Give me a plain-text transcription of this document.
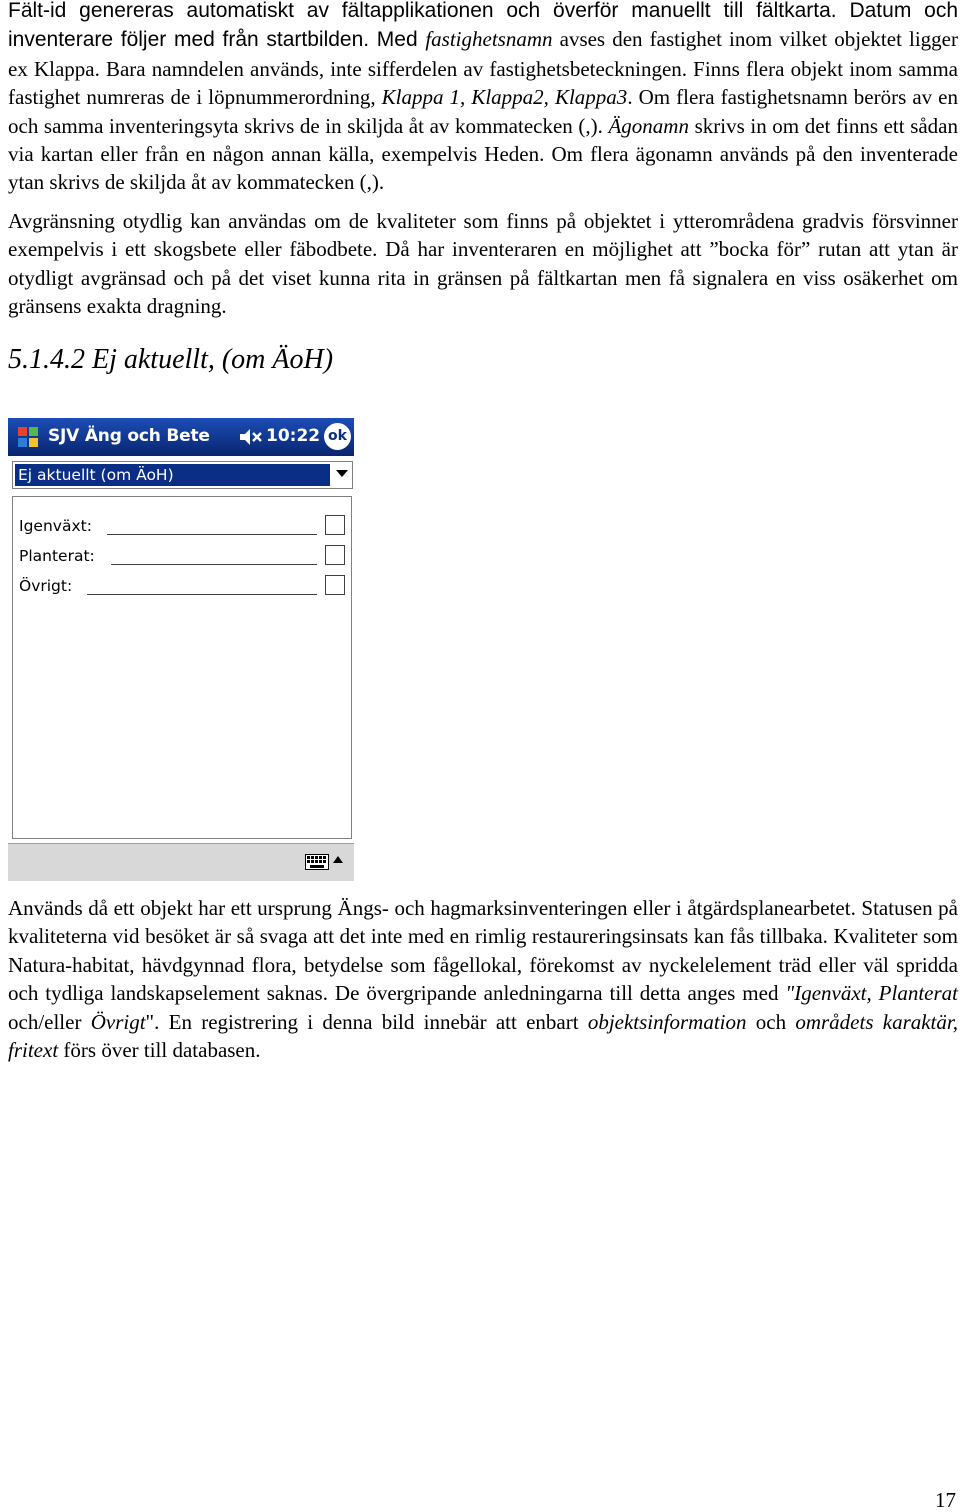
Fält-id genereras automatiskt av fältapplikationen och överför manuellt till fältkarta. Datum och inventerare följer med från startbilden. Med fastighetsnamn avses den fastighet inom vilket objektet ligger ex Klappa. Bara namndelen används, inte sifferdelen av fastighetsbeteckningen. Finns flera objekt inom samma fastighet numreras de i löpnummerordning, Klappa 1, Klappa2, Klappa3. Om flera fastighetsnamn berörs av en och samma inventeringsyta skrivs de in skiljda åt av kommatecken (,). Ägonamn skrivs in om det finns ett sådan via kartan eller från en någon annan källa, exempelvis Heden. Om flera ägonamn används på den inventerade ytan skrivs de skiljda åt av kommatecken (,).

Avgränsning otydlig kan användas om de kvaliteter som finns på objektet i ytterområdena gradvis försvinner exempelvis i ett skogsbete eller fäbodbete. Då har inventeraren en möjlighet att ”bocka för” rutan att ytan är otydligt avgränsad och på det viset kunna rita in gränsen på fältkartan men få signalera en viss osäkerhet om gränsens exakta dragning.

5.1.4.2 Ej aktuellt, (om ÄoH)
SJV Äng och Bete	10:22 ok
Ej aktuellt (om ÄoH)
Igenväxt:
Planterat:
Övrigt:

Används då ett objekt har ett ursprung Ängs- och hagmarksinventeringen eller i åtgärdsplanearbetet. Statusen på kvaliteterna vid besöket är så svaga att det inte med en rimlig restaureringsinsats kan fås tillbaka. Kvaliteter som Natura-habitat, hävdgynnad flora, betydelse som fågellokal, förekomst av nyckelelement träd eller väl spridda och tydliga landskapselement saknas. De övergripande anledningarna till detta anges med "Igenväxt, Planterat och/eller Övrigt". En registrering i denna bild innebär att enbart objektsinformation och områdets karaktär, fritext förs över till databasen.

17
